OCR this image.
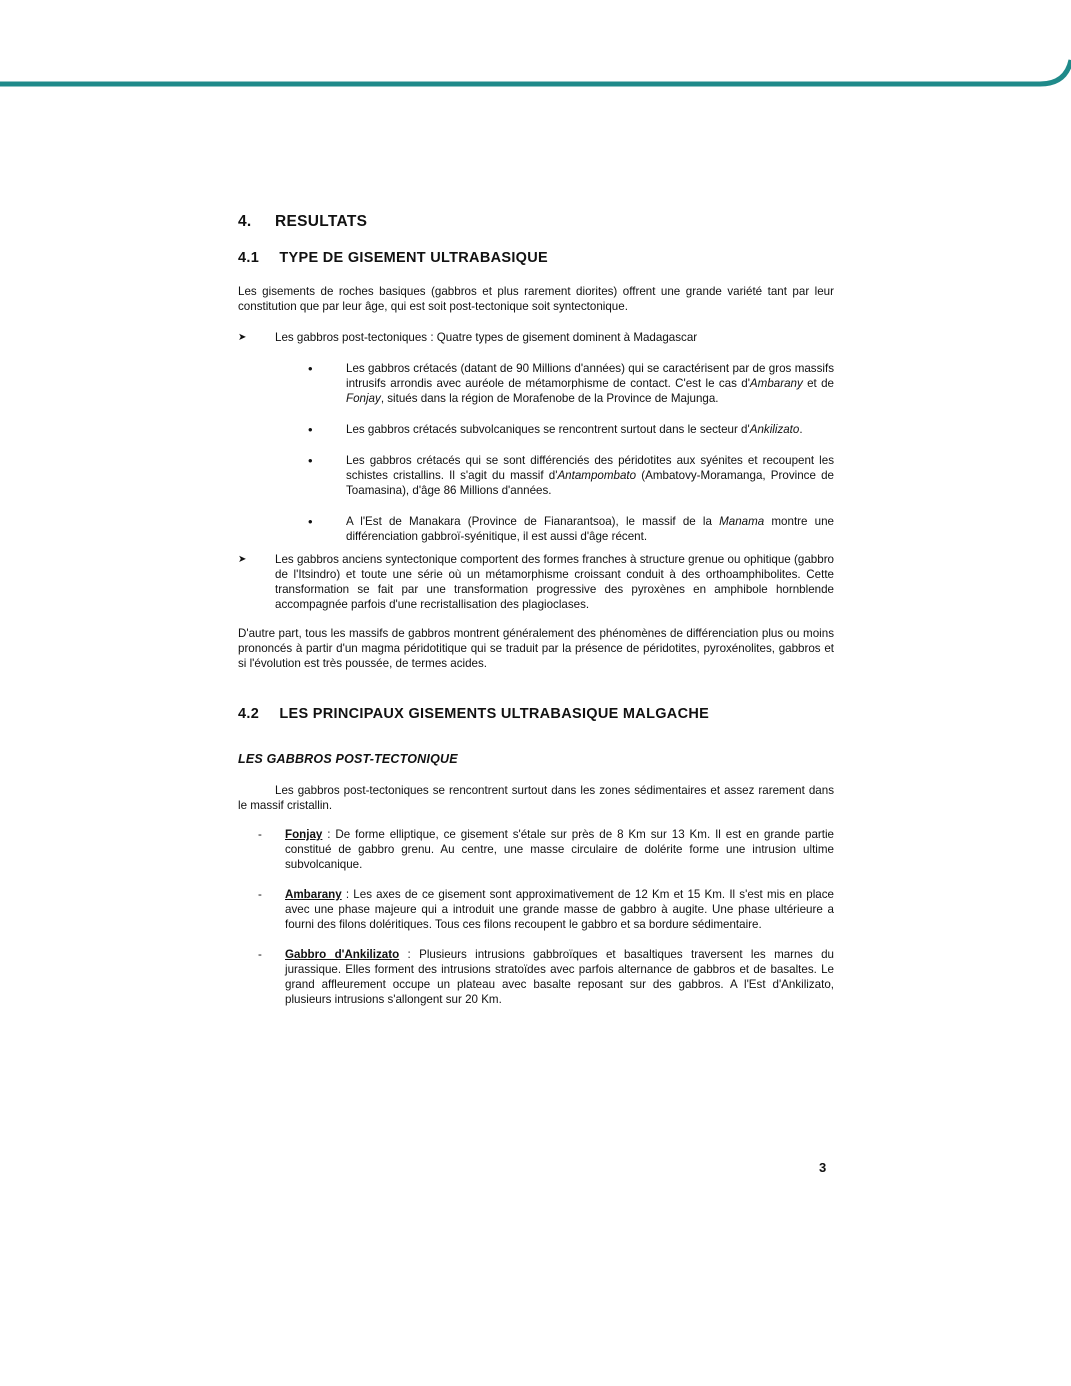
4.	RESULTATS
4.1 TYPE DE GISEMENT ULTRABASIQUE

Les gisements de roches basiques (gabbros et plus rarement diorites) offrent une grande variété tant par leur constitution que par leur âge, qui est soit post-tectonique soit syntectonique.

➤	Les gabbros post-tectoniques : Quatre types de gisement dominent à Madagascar
•	Les gabbros crétacés (datant de 90 Millions d'années) qui se caractérisent par de gros massifs intrusifs arrondis avec auréole de métamorphisme de contact. C'est le cas d'Ambarany et de Fonjay, situés dans la région de Morafenobe de la Province de Majunga.
•	Les gabbros crétacés subvolcaniques se rencontrent surtout dans le secteur d'Ankilizato.
•	Les gabbros crétacés qui se sont différenciés des péridotites aux syénites et recoupent les schistes cristallins. Il s'agit du massif d'Antampombato (Ambatovy-Moramanga, Province de Toamasina), d'âge 86 Millions d'années.
•	A l'Est de Manakara (Province de Fianarantsoa), le massif de la Manama montre une différenciation gabbroï-syénitique, il est aussi d'âge récent.
➤	Les gabbros anciens syntectonique comportent des formes franches à structure grenue ou ophitique (gabbro de l'Itsindro) et toute une série où un métamorphisme croissant conduit à des orthoamphibolites. Cette transformation se fait par une transformation progressive des pyroxènes en amphibole hornblende accompagnée parfois d'une recristallisation des plagioclases.

D'autre part, tous les massifs de gabbros montrent généralement des phénomènes de différenciation plus ou moins prononcés à partir d'un magma péridotitique qui se traduit par la présence de péridotites, pyroxénolites, gabbros et si l'évolution est très poussée, de termes acides.

4.2 LES PRINCIPAUX GISEMENTS ULTRABASIQUE MALGACHE
LES GABBROS POST-TECTONIQUE

Les gabbros post-tectoniques se rencontrent surtout dans les zones sédimentaires et assez rarement dans le massif cristallin.

-	Fonjay : De forme elliptique, ce gisement s'étale sur près de 8 Km sur 13 Km. Il est en grande partie constitué de gabbro grenu. Au centre, une masse circulaire de dolérite forme une intrusion ultime subvolcanique.
-	Ambarany : Les axes de ce gisement sont approximativement de 12 Km et 15 Km. Il s'est mis en place avec une phase majeure qui a introduit une grande masse de gabbro à augite. Une phase ultérieure a fourni des filons doléritiques. Tous ces filons recoupent le gabbro et sa bordure sédimentaire.
-	Gabbro d'Ankilizato : Plusieurs intrusions gabbroïques et basaltiques traversent les marnes du jurassique. Elles forment des intrusions stratoïdes avec parfois alternance de gabbros et de basaltes. Le grand affleurement occupe un plateau avec basalte reposant sur des gabbros. A l'Est d'Ankilizato, plusieurs intrusions s'allongent sur 20 Km.
3
